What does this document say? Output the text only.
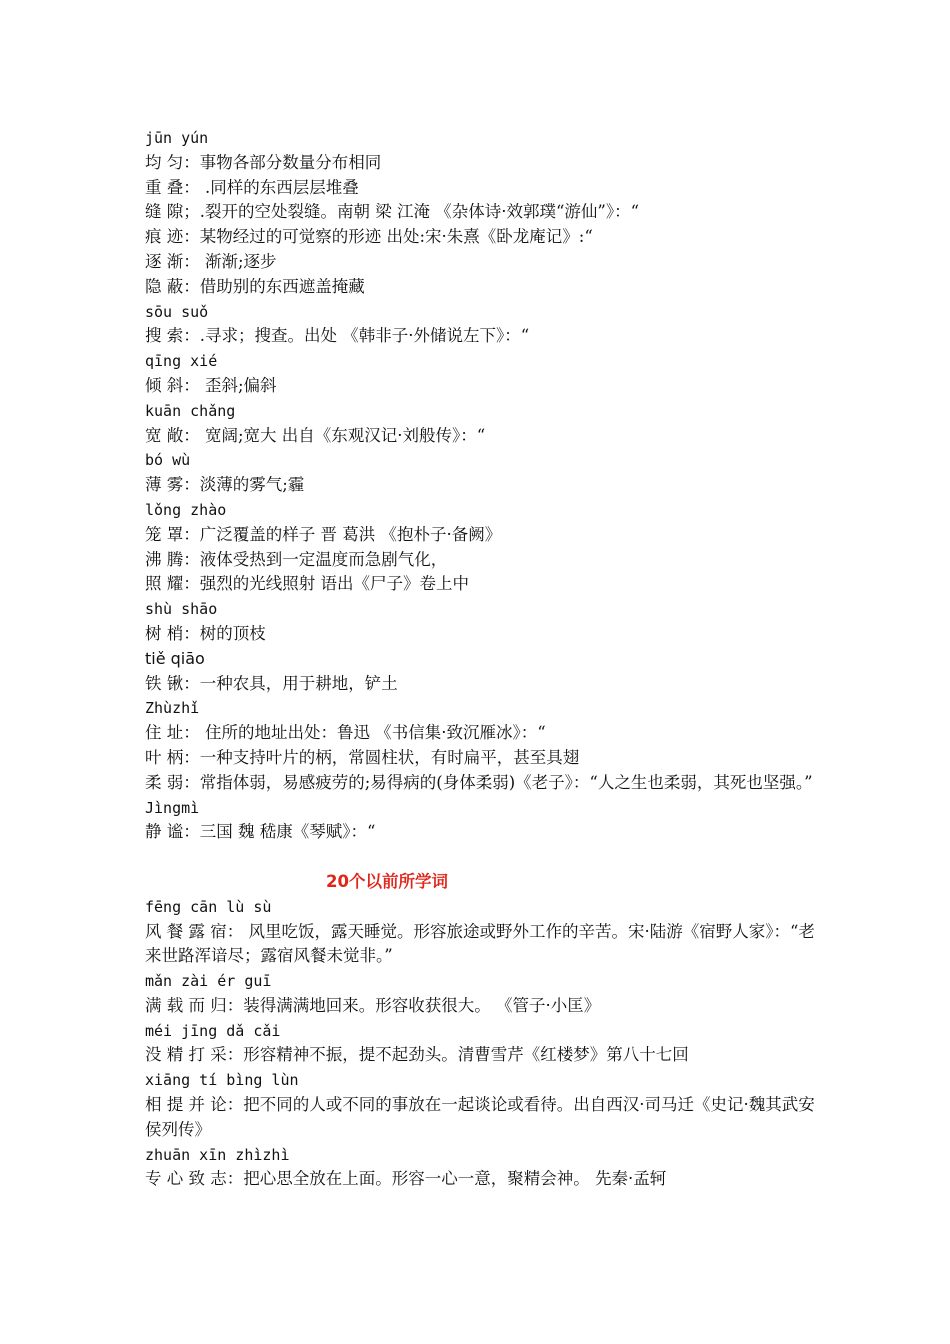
jūn yún
均 匀：事物各部分数量分布相同
重 叠： .同样的东西层层堆叠
缝 隙；.裂开的空处裂缝。南朝 梁 江淹 《杂体诗·效郭璞“游仙”》：“
痕 迹：某物经过的可觉察的形迹 出处:宋·朱熹《卧龙庵记》:“
逐 渐： 渐渐;逐步
隐 蔽：借助别的东西遮盖掩藏
sōu suǒ
搜 索：.寻求；搜查。出处 《韩非子·外储说左下》：“
qīng xié
倾 斜： 歪斜;偏斜
kuān chǎng
宽 敞： 宽阔;宽大 出自《东观汉记·刘般传》：“
bó wù
薄 雾：淡薄的雾气;霾
lǒng zhào
笼 罩：广泛覆盖的样子 晋 葛洪 《抱朴子·备阙》
沸 腾：液体受热到一定温度而急剧气化，
照 耀：强烈的光线照射 语出《尸子》卷上中
shù shāo
树 梢：树的顶枝
tiě qiāo
铁 锹：一种农具，用于耕地，铲土
Zhùzhǐ
住 址： 住所的地址出处：鲁迅 《书信集·致沉雁冰》：“
叶 柄：一种支持叶片的柄，常圆柱状，有时扁平，甚至具翅
柔 弱：常指体弱，易感疲劳的;易得病的(身体柔弱)《老子》：“人之生也柔弱，其死也坚强。”
Jìngmì
静 谧：三国 魏 嵇康《琴赋》：“
20个以前所学词
fēng cān lù sù
风 餐 露 宿： 风里吃饭，露天睡觉。形容旅途或野外工作的辛苦。宋·陆游《宿野人家》：“老来世路浑谙尽；露宿风餐未觉非。”
mǎn zài ér guī
满 载 而 归：装得满满地回来。形容收获很大。 《管子·小匡》
méi jīng dǎ cǎi
没 精 打 采：形容精神不振，提不起劲头。清曹雪芹《红楼梦》第八十七回
xiāng tí bìng lùn
相 提 并 论：把不同的人或不同的事放在一起谈论或看待。出自西汉·司马迁《史记·魏其武安侯列传》
zhuān xīn zhìzhì
专 心 致 志：把心思全放在上面。形容一心一意，聚精会神。 先秦·孟轲
